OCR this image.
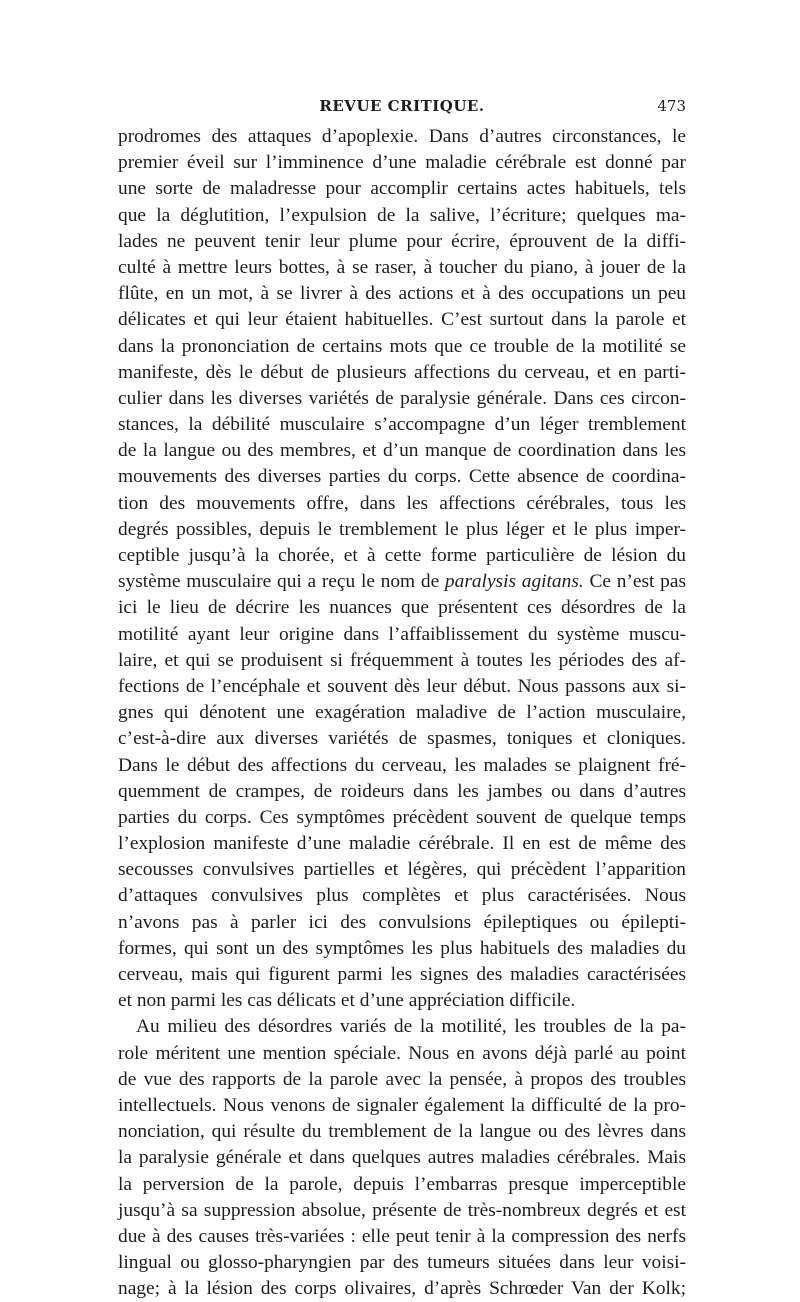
REVUE CRITIQUE.	473
prodromes des attaques d’apoplexie. Dans d’autres circonstances, le
premier éveil sur l’imminence d’une maladie cérébrale est donné par
une sorte de maladresse pour accomplir certains actes habituels, tels
que la déglutition, l’expulsion de la salive, l’écriture; quelques ma-
lades ne peuvent tenir leur plume pour écrire, éprouvent de la diffi-
culté à mettre leurs bottes, à se raser, à toucher du piano, à jouer de la
flûte, en un mot, à se livrer à des actions et à des occupations un peu
délicates et qui leur étaient habituelles. C’est surtout dans la parole et
dans la prononciation de certains mots que ce trouble de la motilité se
manifeste, dès le début de plusieurs affections du cerveau, et en parti-
culier dans les diverses variétés de paralysie générale. Dans ces circon-
stances, la débilité musculaire s’accompagne d’un léger tremblement
de la langue ou des membres, et d’un manque de coordination dans les
mouvements des diverses parties du corps. Cette absence de coordina-
tion des mouvements offre, dans les affections cérébrales, tous les
degrés possibles, depuis le tremblement le plus léger et le plus imper-
ceptible jusqu’à la chorée, et à cette forme particulière de lésion du
système musculaire qui a reçu le nom de paralysis agitans. Ce n’est pas
ici le lieu de décrire les nuances que présentent ces désordres de la
motilité ayant leur origine dans l’affaiblissement du système muscu-
laire, et qui se produisent si fréquemment à toutes les périodes des af-
fections de l’encéphale et souvent dès leur début. Nous passons aux si-
gnes qui dénotent une exagération maladive de l’action musculaire,
c’est-à-dire aux diverses variétés de spasmes, toniques et cloniques.
Dans le début des affections du cerveau, les malades se plaignent fré-
quemment de crampes, de roideurs dans les jambes ou dans d’autres
parties du corps. Ces symptômes précèdent souvent de quelque temps
l’explosion manifeste d’une maladie cérébrale. Il en est de même des
secousses convulsives partielles et légères, qui précèdent l’apparition
d’attaques convulsives plus complètes et plus caractérisées. Nous
n’avons pas à parler ici des convulsions épileptiques ou épilepti-
formes, qui sont un des symptômes les plus habituels des maladies du
cerveau, mais qui figurent parmi les signes des maladies caractérisées
et non parmi les cas délicats et d’une appréciation difficile.
Au milieu des désordres variés de la motilité, les troubles de la pa-
role méritent une mention spéciale. Nous en avons déjà parlé au point
de vue des rapports de la parole avec la pensée, à propos des troubles
intellectuels. Nous venons de signaler également la difficulté de la pro-
nonciation, qui résulte du tremblement de la langue ou des lèvres dans
la paralysie générale et dans quelques autres maladies cérébrales. Mais
la perversion de la parole, depuis l’embarras presque imperceptible
jusqu’à sa suppression absolue, présente de très-nombreux degrés et est
due à des causes très-variées : elle peut tenir à la compression des nerfs
lingual ou glosso-pharyngien par des tumeurs situées dans leur voisi-
nage; à la lésion des corps olivaires, d’après Schrœder Van der Kolk;
